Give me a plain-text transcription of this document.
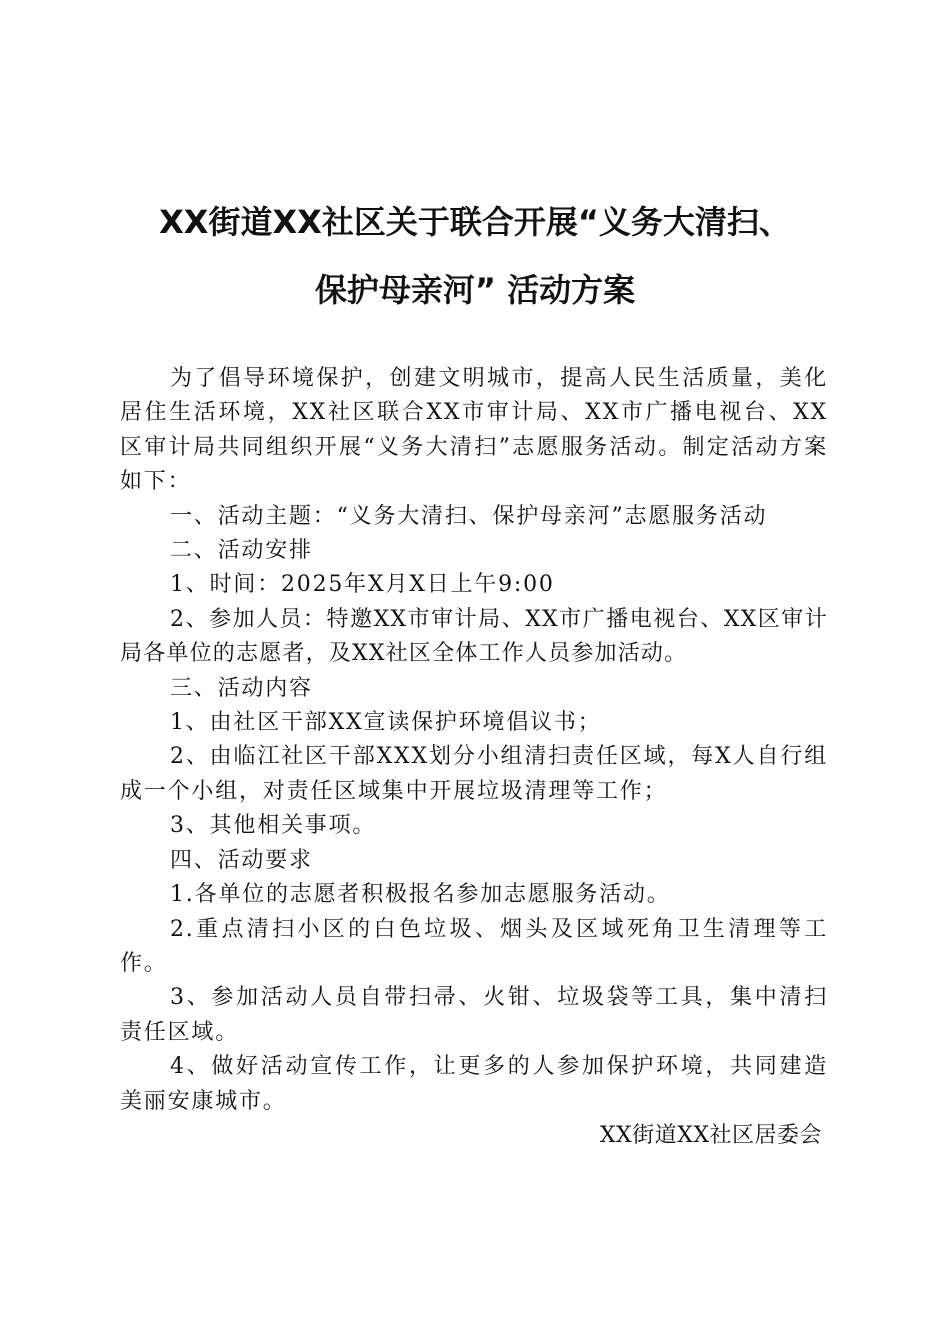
XX街道XX社区关于联合开展“义务大清扫、
保护母亲河” 活动方案

为了倡导环境保护，创建文明城市，提高人民生活质量，美化居住生活环境，XX社区联合XX市审计局、XX市广播电视台、XX区审计局共同组织开展“义务大清扫”志愿服务活动。制定活动方案如下：

一、活动主题：“义务大清扫、保护母亲河”志愿服务活动

二、活动安排

1、时间：2025年X月X日上午9:00

2、参加人员：特邀XX市审计局、XX市广播电视台、XX区审计局各单位的志愿者，及XX社区全体工作人员参加活动。

三、活动内容

1、由社区干部XX宣读保护环境倡议书；

2、由临江社区干部XXX划分小组清扫责任区域，每X人自行组成一个小组，对责任区域集中开展垃圾清理等工作；

3、其他相关事项。

四、活动要求

1.各单位的志愿者积极报名参加志愿服务活动。

2.重点清扫小区的白色垃圾、烟头及区域死角卫生清理等工作。

3、参加活动人员自带扫帚、火钳、垃圾袋等工具，集中清扫责任区域。

4、做好活动宣传工作，让更多的人参加保护环境，共同建造美丽安康城市。

XX街道XX社区居委会
